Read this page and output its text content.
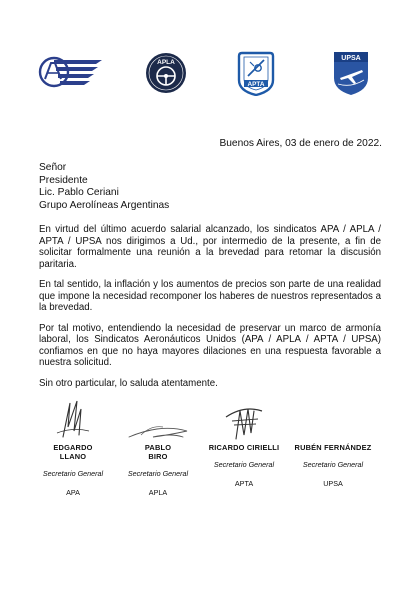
APLA
APTA
UPSA
Buenos Aires, 03 de enero de 2022.
Señor
Presidente
Lic. Pablo Ceriani
Grupo Aerolíneas Argentinas

En virtud del último acuerdo salarial alcanzado, los sindicatos APA / APLA / APTA / UPSA nos dirigimos a Ud., por intermedio de la presente, a fin de solicitar formalmente una reunión a la brevedad para retomar la discusión paritaria.

En tal sentido, la inflación y los aumentos de precios son parte de una realidad que impone la necesidad recomponer los haberes de nuestros representados a la brevedad.

Por tal motivo, entendiendo la necesidad de preservar un marco de armonía laboral, los Sindicatos Aeronáuticos Unidos (APA / APLA / APTA / UPSA) confiamos en que no haya mayores dilaciones en una respuesta favorable a nuestra solicitud.

Sin otro particular, lo saluda atentamente.

EDGARDO
LLANO
Secretario General
APA
PABLO
BIRO
Secretario General
APLA
RICARDO CIRIELLI
Secretario General
APTA
RUBÉN FERNÁNDEZ
Secretario General
UPSA
